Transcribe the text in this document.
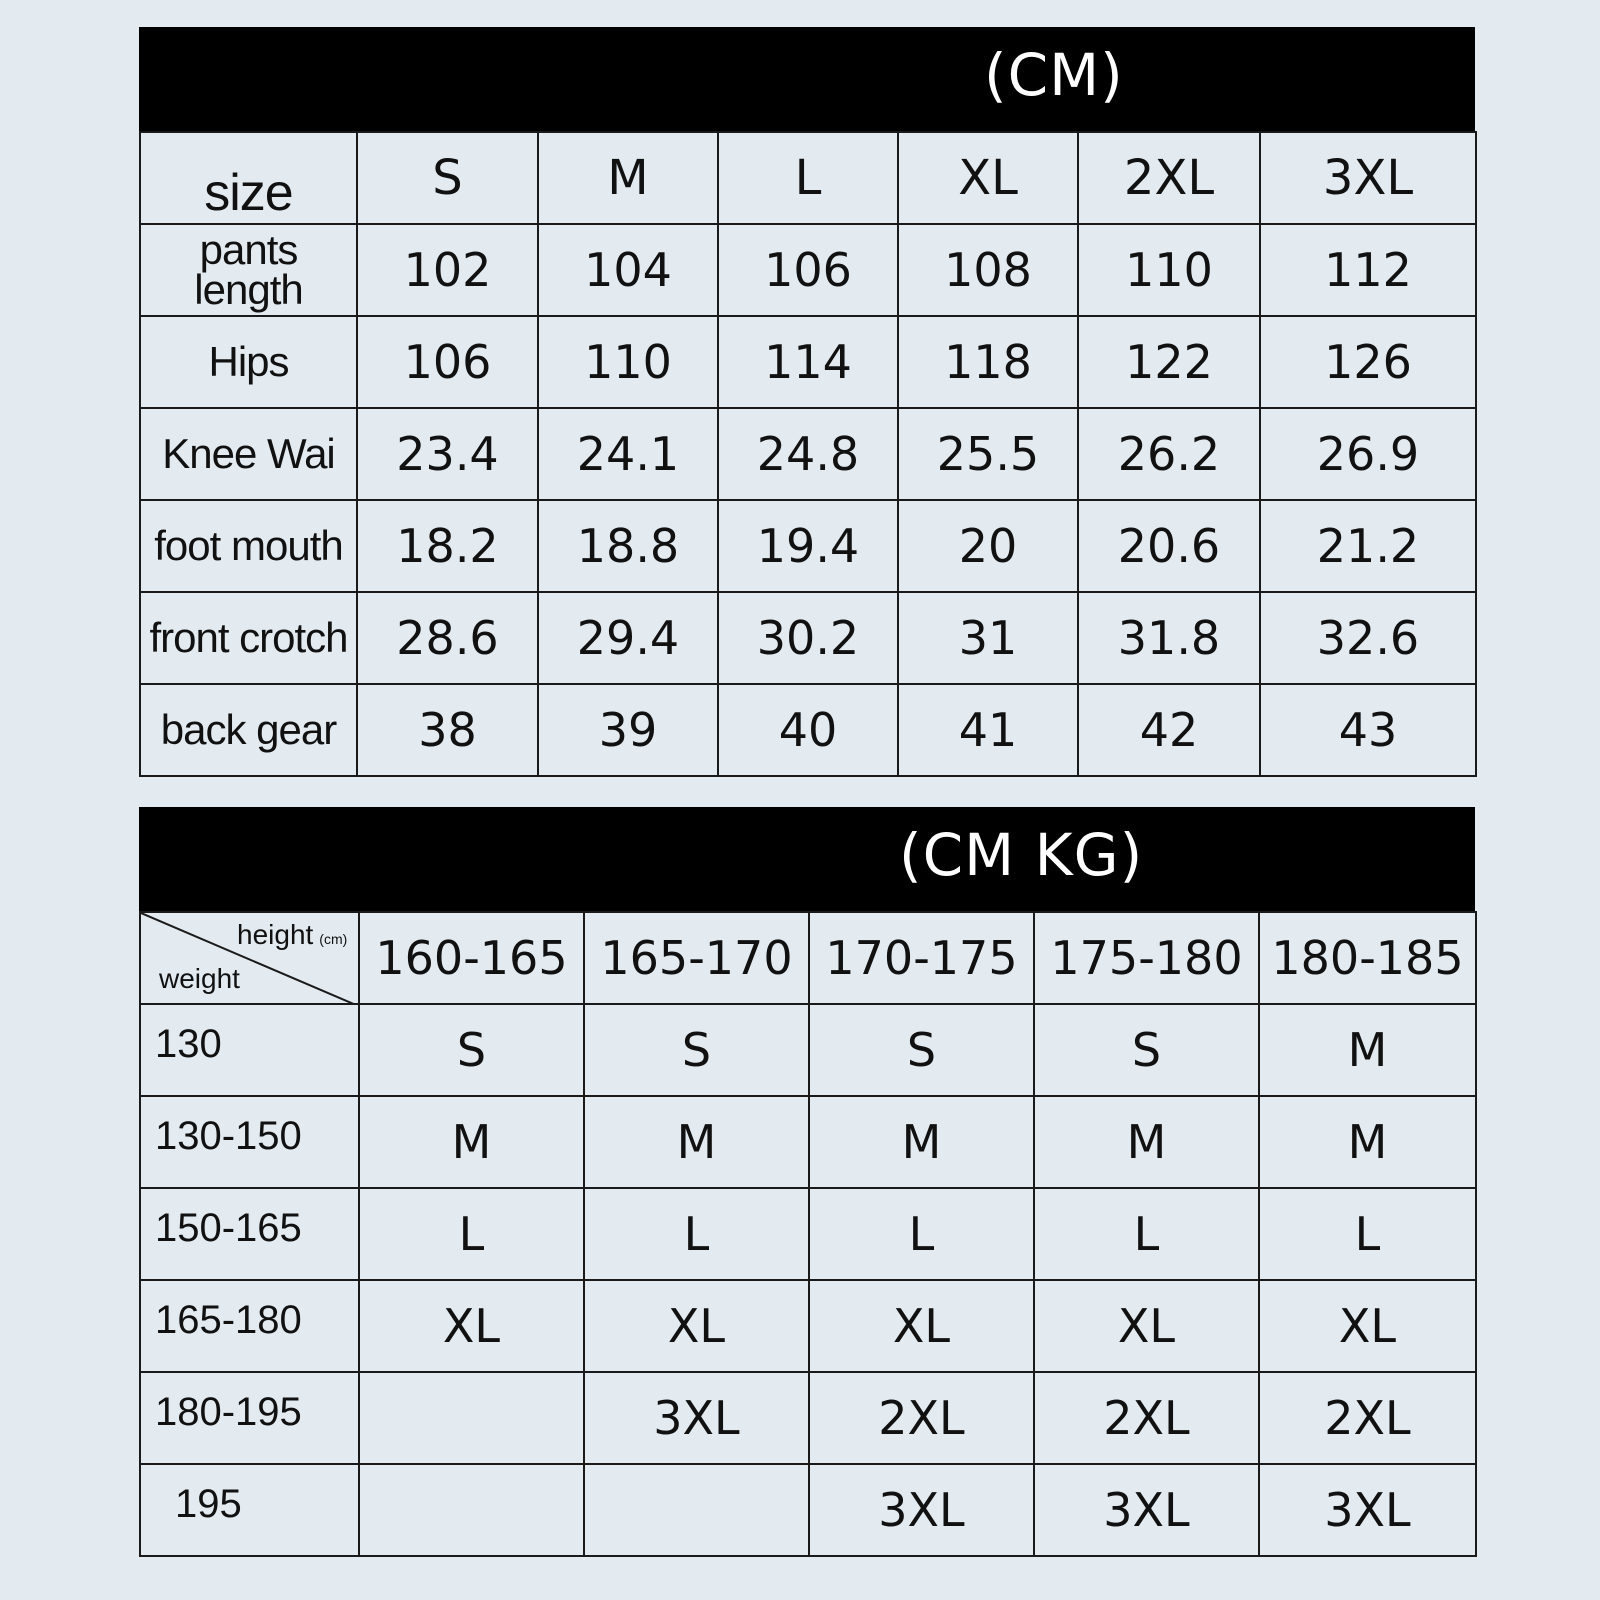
(CM)
size	S	M	L	XL	2XL	3XL

pants
length	102	104	106	108	110	112

Hips	106	110	114	118	122	126

Knee Wai	23.4	24.1	24.8	25.5	26.2	26.9

foot mouth	18.2	18.8	19.4	20	20.6	21.2

front crotch	28.6	29.4	30.2	31	31.8	32.6

back gear	38	39	40	41	42	43
(CM KG)
height (cm)
weight	160-165	165-170	170-175	175-180	180-185
130	S	S	S	S	M
130-150	M	M	M	M	M
150-165	L	L	L	L	L
165-180	XL	XL	XL	XL	XL
180-195		3XL	2XL	2XL	2XL
195			3XL	3XL	3XL
